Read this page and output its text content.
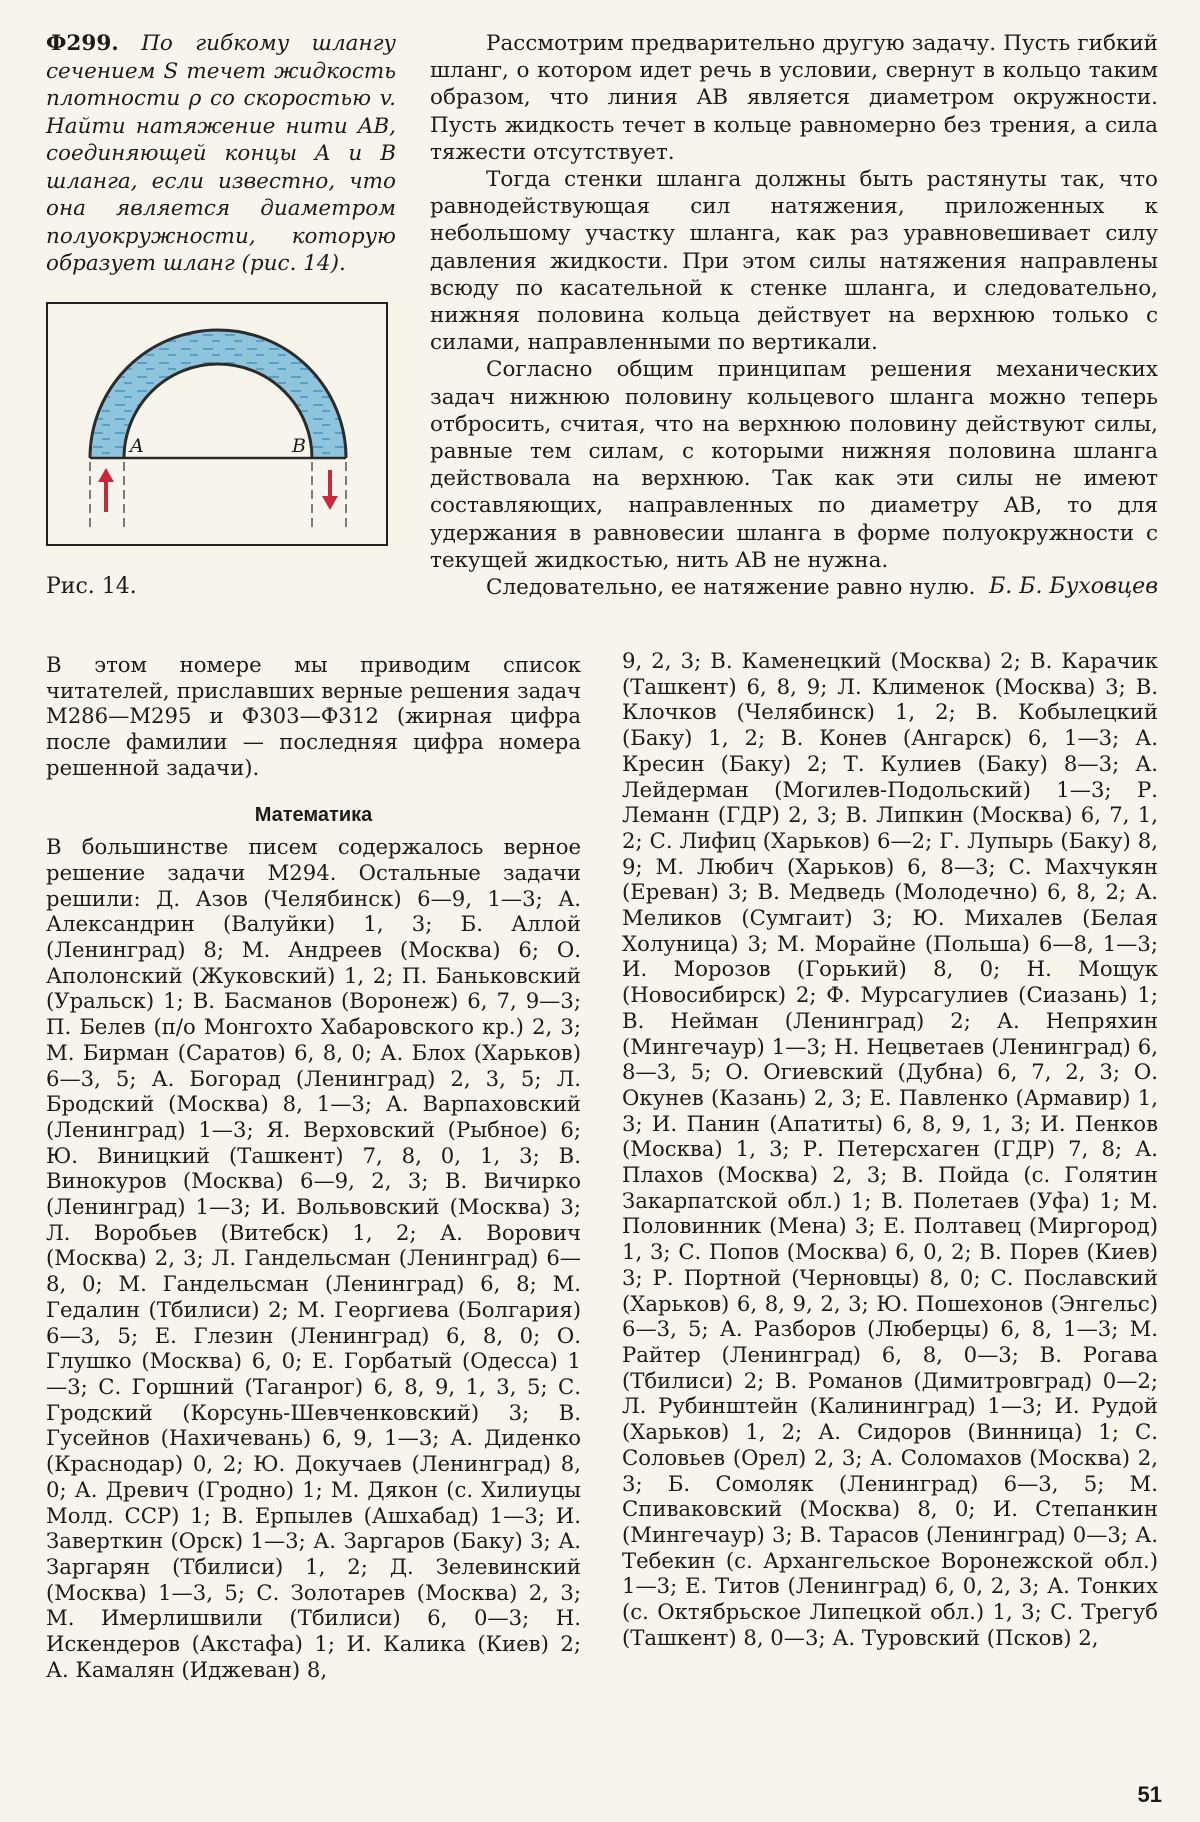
Ф299. По гибкому шлангу сечением S течет жидкость плотности ρ со скоростью v. Найти натяжение нити AB, соединяющей концы A и B шланга, если известно, что она является диаметром полуокружности, которую образует шланг (рис. 14).
A	B
Рис. 14.

Рассмотрим предварительно другую задачу. Пусть гибкий шланг, о котором идет речь в условии, свернут в кольцо таким образом, что линия AB является диаметром окружности. Пусть жидкость течет в кольце равномерно без трения, а сила тяжести отсутствует.

Тогда стенки шланга должны быть растянуты так, что равнодействующая сил натяжения, приложенных к небольшому участку шланга, как раз уравновешивает силу давления жидкости. При этом силы натяжения направлены всюду по касательной к стенке шланга, и следовательно, нижняя половина кольца действует на верхнюю только с силами, направленными по вертикали.

Согласно общим принципам решения механических задач нижнюю половину кольцевого шланга можно теперь отбросить, считая, что на верхнюю половину действуют силы, равные тем силам, с которыми нижняя половина шланга действовала на верхнюю. Так как эти силы не имеют составляющих, направленных по диаметру AB, то для удержания в равновесии шланга в форме полуокружности с текущей жидкостью, нить AB не нужна.

Следовательно, ее натяжение равно нулю. Б. Б. Буховцев

В этом номере мы приводим список читателей, приславших верные решения задач М286—М295 и Ф303—Ф312 (жирная цифра после фамилии — последняя цифра номера решенной задачи).

Математика

В большинстве писем содержалось верное решение задачи М294. Остальные задачи решили: Д. Азов (Челябинск) 6—9, 1—3; А. Александрин (Валуйки) 1, 3; Б. Аллой (Ленинград) 8; М. Андреев (Москва) 6; О. Аполонский (Жуковский) 1, 2; П. Баньковский (Уральск) 1; В. Басманов (Воронеж) 6, 7, 9—3; П. Белев (п/о Монгохто Хабаровского кр.) 2, 3; М. Бирман (Саратов) 6, 8, 0; А. Блох (Харьков) 6—3, 5; А. Богорад (Ленинград) 2, 3, 5; Л. Бродский (Москва) 8, 1—3; А. Варпаховский (Ленинград) 1—3; Я. Верховский (Рыбное) 6; Ю. Виницкий (Ташкент) 7, 8, 0, 1, 3; В. Винокуров (Москва) 6—9, 2, 3; В. Вичирко (Ленинград) 1—3; И. Вольвовский (Москва) 3; Л. Воробьев (Витебск) 1, 2; А. Ворович (Москва) 2, 3; Л. Гандельсман (Ленинград) 6—8, 0; М. Гандельсман (Ленинград) 6, 8; М. Гедалин (Тбилиси) 2; М. Георгиева (Болгария) 6—3, 5; Е. Глезин (Ленинград) 6, 8, 0; О. Глушко (Москва) 6, 0; Е. Горбатый (Одесса) 1—3; С. Горшний (Таганрог) 6, 8, 9, 1, 3, 5; С. Гродский (Корсунь-Шевченковский) 3; В. Гусейнов (Нахичевань) 6, 9, 1—3; А. Диденко (Краснодар) 0, 2; Ю. Докучаев (Ленинград) 8, 0; А. Древич (Гродно) 1; М. Дякон (с. Хилиуцы Молд. ССР) 1; В. Ерпылев (Ашхабад) 1—3; И. Заверткин (Орск) 1—3; А. Заргаров (Баку) 3; А. Заргарян (Тбилиси) 1, 2; Д. Зелевинский (Москва) 1—3, 5; С. Золотарев (Москва) 2, 3; М. Имерлишвили (Тбилиси) 6, 0—3; Н. Искендеров (Акстафа) 1; И. Калика (Киев) 2; А. Камалян (Иджеван) 8,

9, 2, 3; В. Каменецкий (Москва) 2; В. Карачик (Ташкент) 6, 8, 9; Л. Клименок (Москва) 3; В. Клочков (Челябинск) 1, 2; В. Кобылецкий (Баку) 1, 2; В. Конев (Ангарск) 6, 1—3; А. Кресин (Баку) 2; Т. Кулиев (Баку) 8—3; А. Лейдерман (Могилев-Подольский) 1—3; Р. Леманн (ГДР) 2, 3; В. Липкин (Москва) 6, 7, 1, 2; С. Лифиц (Харьков) 6—2; Г. Лупырь (Баку) 8, 9; М. Любич (Харьков) 6, 8—3; С. Махчукян (Ереван) 3; В. Медведь (Молодечно) 6, 8, 2; А. Меликов (Сумгаит) 3; Ю. Михалев (Белая Холуница) 3; М. Морайне (Польша) 6—8, 1—3; И. Морозов (Горький) 8, 0; Н. Мощук (Новосибирск) 2; Ф. Мурсагулиев (Сиазань) 1; В. Нейман (Ленинград) 2; А. Непряхин (Мингечаур) 1—3; Н. Нецветаев (Ленинград) 6, 8—3, 5; О. Огиевский (Дубна) 6, 7, 2, 3; О. Окунев (Казань) 2, 3; Е. Павленко (Армавир) 1, 3; И. Панин (Апатиты) 6, 8, 9, 1, 3; И. Пенков (Москва) 1, 3; Р. Петерсхаген (ГДР) 7, 8; А. Плахов (Москва) 2, 3; В. Пойда (с. Голятин Закарпатской обл.) 1; В. Полетаев (Уфа) 1; М. Половинник (Мена) 3; Е. Полтавец (Миргород) 1, 3; С. Попов (Москва) 6, 0, 2; В. Порев (Киев) 3; Р. Портной (Черновцы) 8, 0; С. Пославский (Харьков) 6, 8, 9, 2, 3; Ю. Пошехонов (Энгельс) 6—3, 5; А. Разборов (Люберцы) 6, 8, 1—3; М. Райтер (Ленинград) 6, 8, 0—3; В. Рогава (Тбилиси) 2; В. Романов (Димитровград) 0—2; Л. Рубинштейн (Калининград) 1—3; И. Рудой (Харьков) 1, 2; А. Сидоров (Винница) 1; С. Соловьев (Орел) 2, 3; А. Соломахов (Москва) 2, 3; Б. Сомоляк (Ленинград) 6—3, 5; М. Спиваковский (Москва) 8, 0; И. Степанкин (Мингечаур) 3; В. Тарасов (Ленинград) 0—3; А. Тебекин (с. Архангельское Воронежской обл.) 1—3; Е. Титов (Ленинград) 6, 0, 2, 3; А. Тонких (с. Октябрьское Липецкой обл.) 1, 3; С. Трегуб (Ташкент) 8, 0—3; А. Туровский (Псков) 2,

51
